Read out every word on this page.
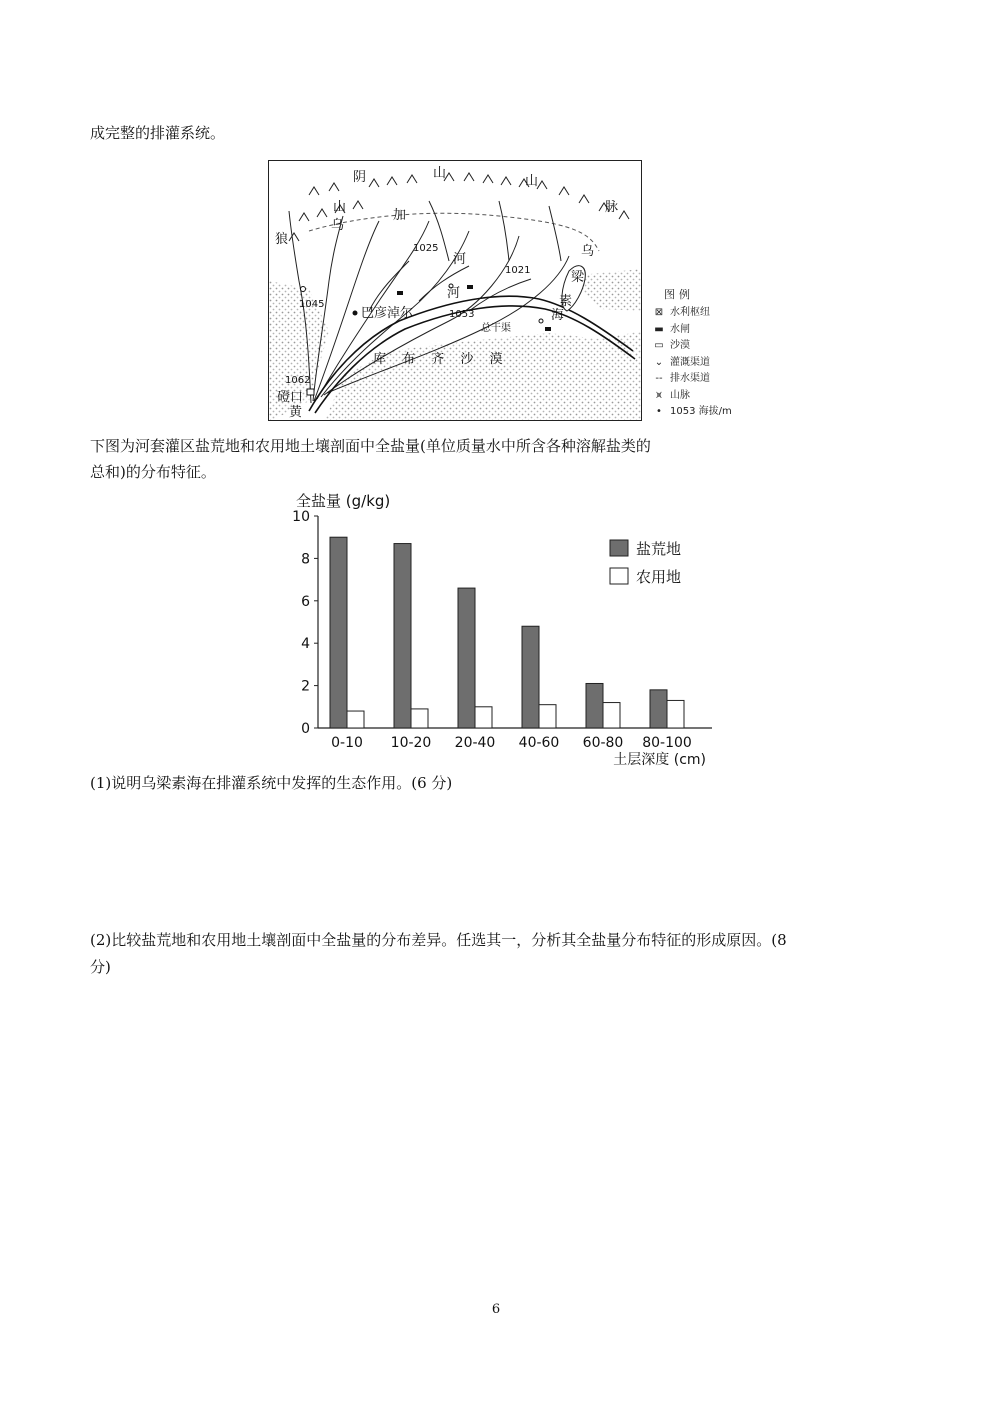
成完整的排灌系统。
阴	山
山
脉
山
乌
加
狼
河
河
乌
梁
素
海
巴彦淖尔
库 布 齐 沙 漠
磴口
黄
总干渠
1045
1025
1021
1053
1062
图例
⊠ 水利枢纽
▬ 水闸
▭ 沙漠
⌄ 灌溉渠道
-‐ 排水渠道
⩙ 山脉
• 1053 海拔/m
下图为河套灌区盐荒地和农用地土壤剖面中全盐量(单位质量水中所含各种溶解盐类的
总和)的分布特征。
全盐量 (g/kg)
0
2
4
6
8
10
0-10 10-20 20-40 40-60 60-80 80-100
土层深度 (cm)
盐荒地
农用地
(1)说明乌梁素海在排灌系统中发挥的生态作用。(6 分)
(2)比较盐荒地和农用地土壤剖面中全盐量的分布差异。任选其一，分析其全盐量分布特征的形成原因。(8
分)
6
